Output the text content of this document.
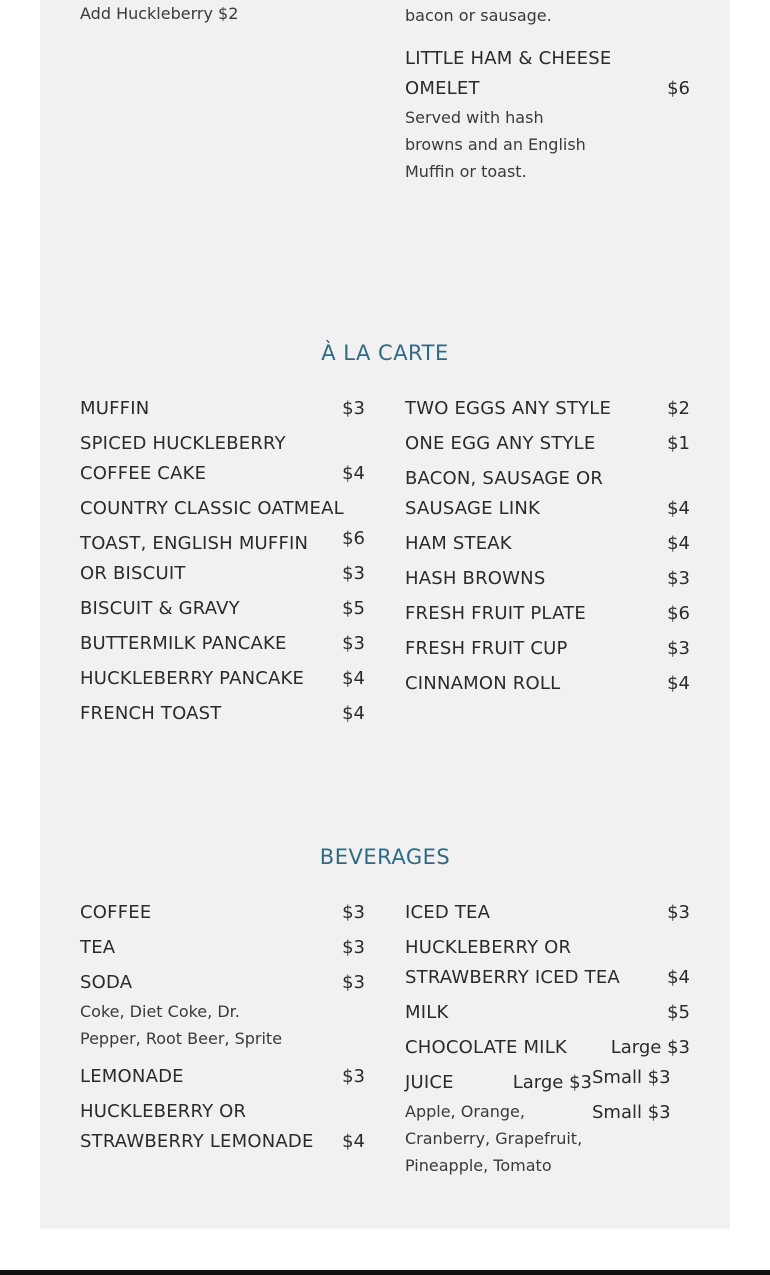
Add Huckleberry $2	bacon or sausage.
LITTLE HAM & CHEESE
OMELET	$6
Served with hash
browns and an English
Muffin or toast.
À LA CARTE
MUFFIN	$3
SPICED HUCKLEBERRY
COFFEE CAKE	$4
COUNTRY CLASSIC OATMEAL
$6
TOAST, ENGLISH MUFFIN
OR BISCUIT	$3
BISCUIT & GRAVY	$5
BUTTERMILK PANCAKE	$3
HUCKLEBERRY PANCAKE	$4
FRENCH TOAST	$4
TWO EGGS ANY STYLE	$2
ONE EGG ANY STYLE	$1
BACON, SAUSAGE OR
SAUSAGE LINK	$4
HAM STEAK	$4
HASH BROWNS	$3
FRESH FRUIT PLATE	$6
FRESH FRUIT CUP	$3
CINNAMON ROLL	$4
BEVERAGES
COFFEE	$3
TEA	$3
SODA	$3
Coke, Diet Coke, Dr.
Pepper, Root Beer, Sprite
LEMONADE	$3
HUCKLEBERRY OR
STRAWBERRY LEMONADE	$4
ICED TEA	$3
HUCKLEBERRY OR
STRAWBERRY ICED TEA	$4
MILK	$5
CHOCOLATE MILK	Large $3
JUICE	Large $3 Small $3
Small $3
Apple, Orange,
Cranberry, Grapefruit,
Pineapple, Tomato
